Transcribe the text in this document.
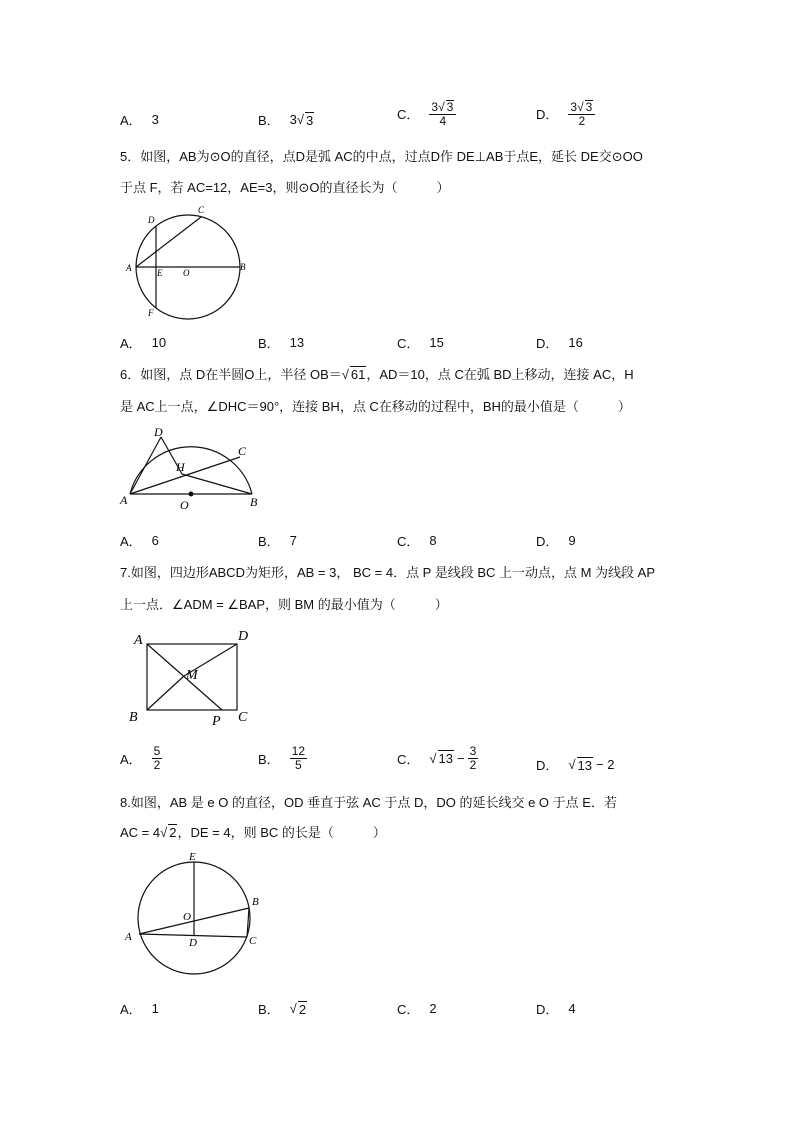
A． 3	B． 3 √ 3	C． $\frac{3 √ 3}{4}$	D． $\frac{3 √ 3}{2}$
5．如图，AB为⊙O的直径，点D是弧 AC的中点，过点D作 DE⊥AB于点E，延长 DE交⊙OO
于点 F，若 AC=12，AE=3，则⊙O的直径长为（　　　）
A	B
C
D
E
F
O
A． 10	B． 13	C． 15	D． 16
6．如图，点 D在半圆O上，半径 OB＝ √ 61，AD＝10，点 C在弧 BD上移动，连接 AC，H
是 AC上一点，∠DHC＝90°，连接 BH，点 C在移动的过程中，BH的最小值是（　　　）
A	B
C
D
H
O
A． 6	B． 7	C． 8	D． 9
7.如图，四边形ABCD为矩形，AB = 3， BC = 4．点 P 是线段 BC 上一动点，点 M 为线段 AP
上一点．∠ADM = ∠BAP，则 BM 的最小值为（　　　）
A	D
B	C
M
P
A． $\frac{5}{2}$	B． $\frac{12}{5}$	C． √ $13 - \frac{3}{2}$	D． √ 13 − 2
8.如图，AB 是 e O 的直径，OD 垂直于弦 AC 于点 D，DO 的延长线交 e O 于点 E．若
AC = 4 √ 2，DE = 4，则 BC 的长是（　　　）
A
B
C
D
E
O
A． 1	B． √ 2	C． 2	D． 4
